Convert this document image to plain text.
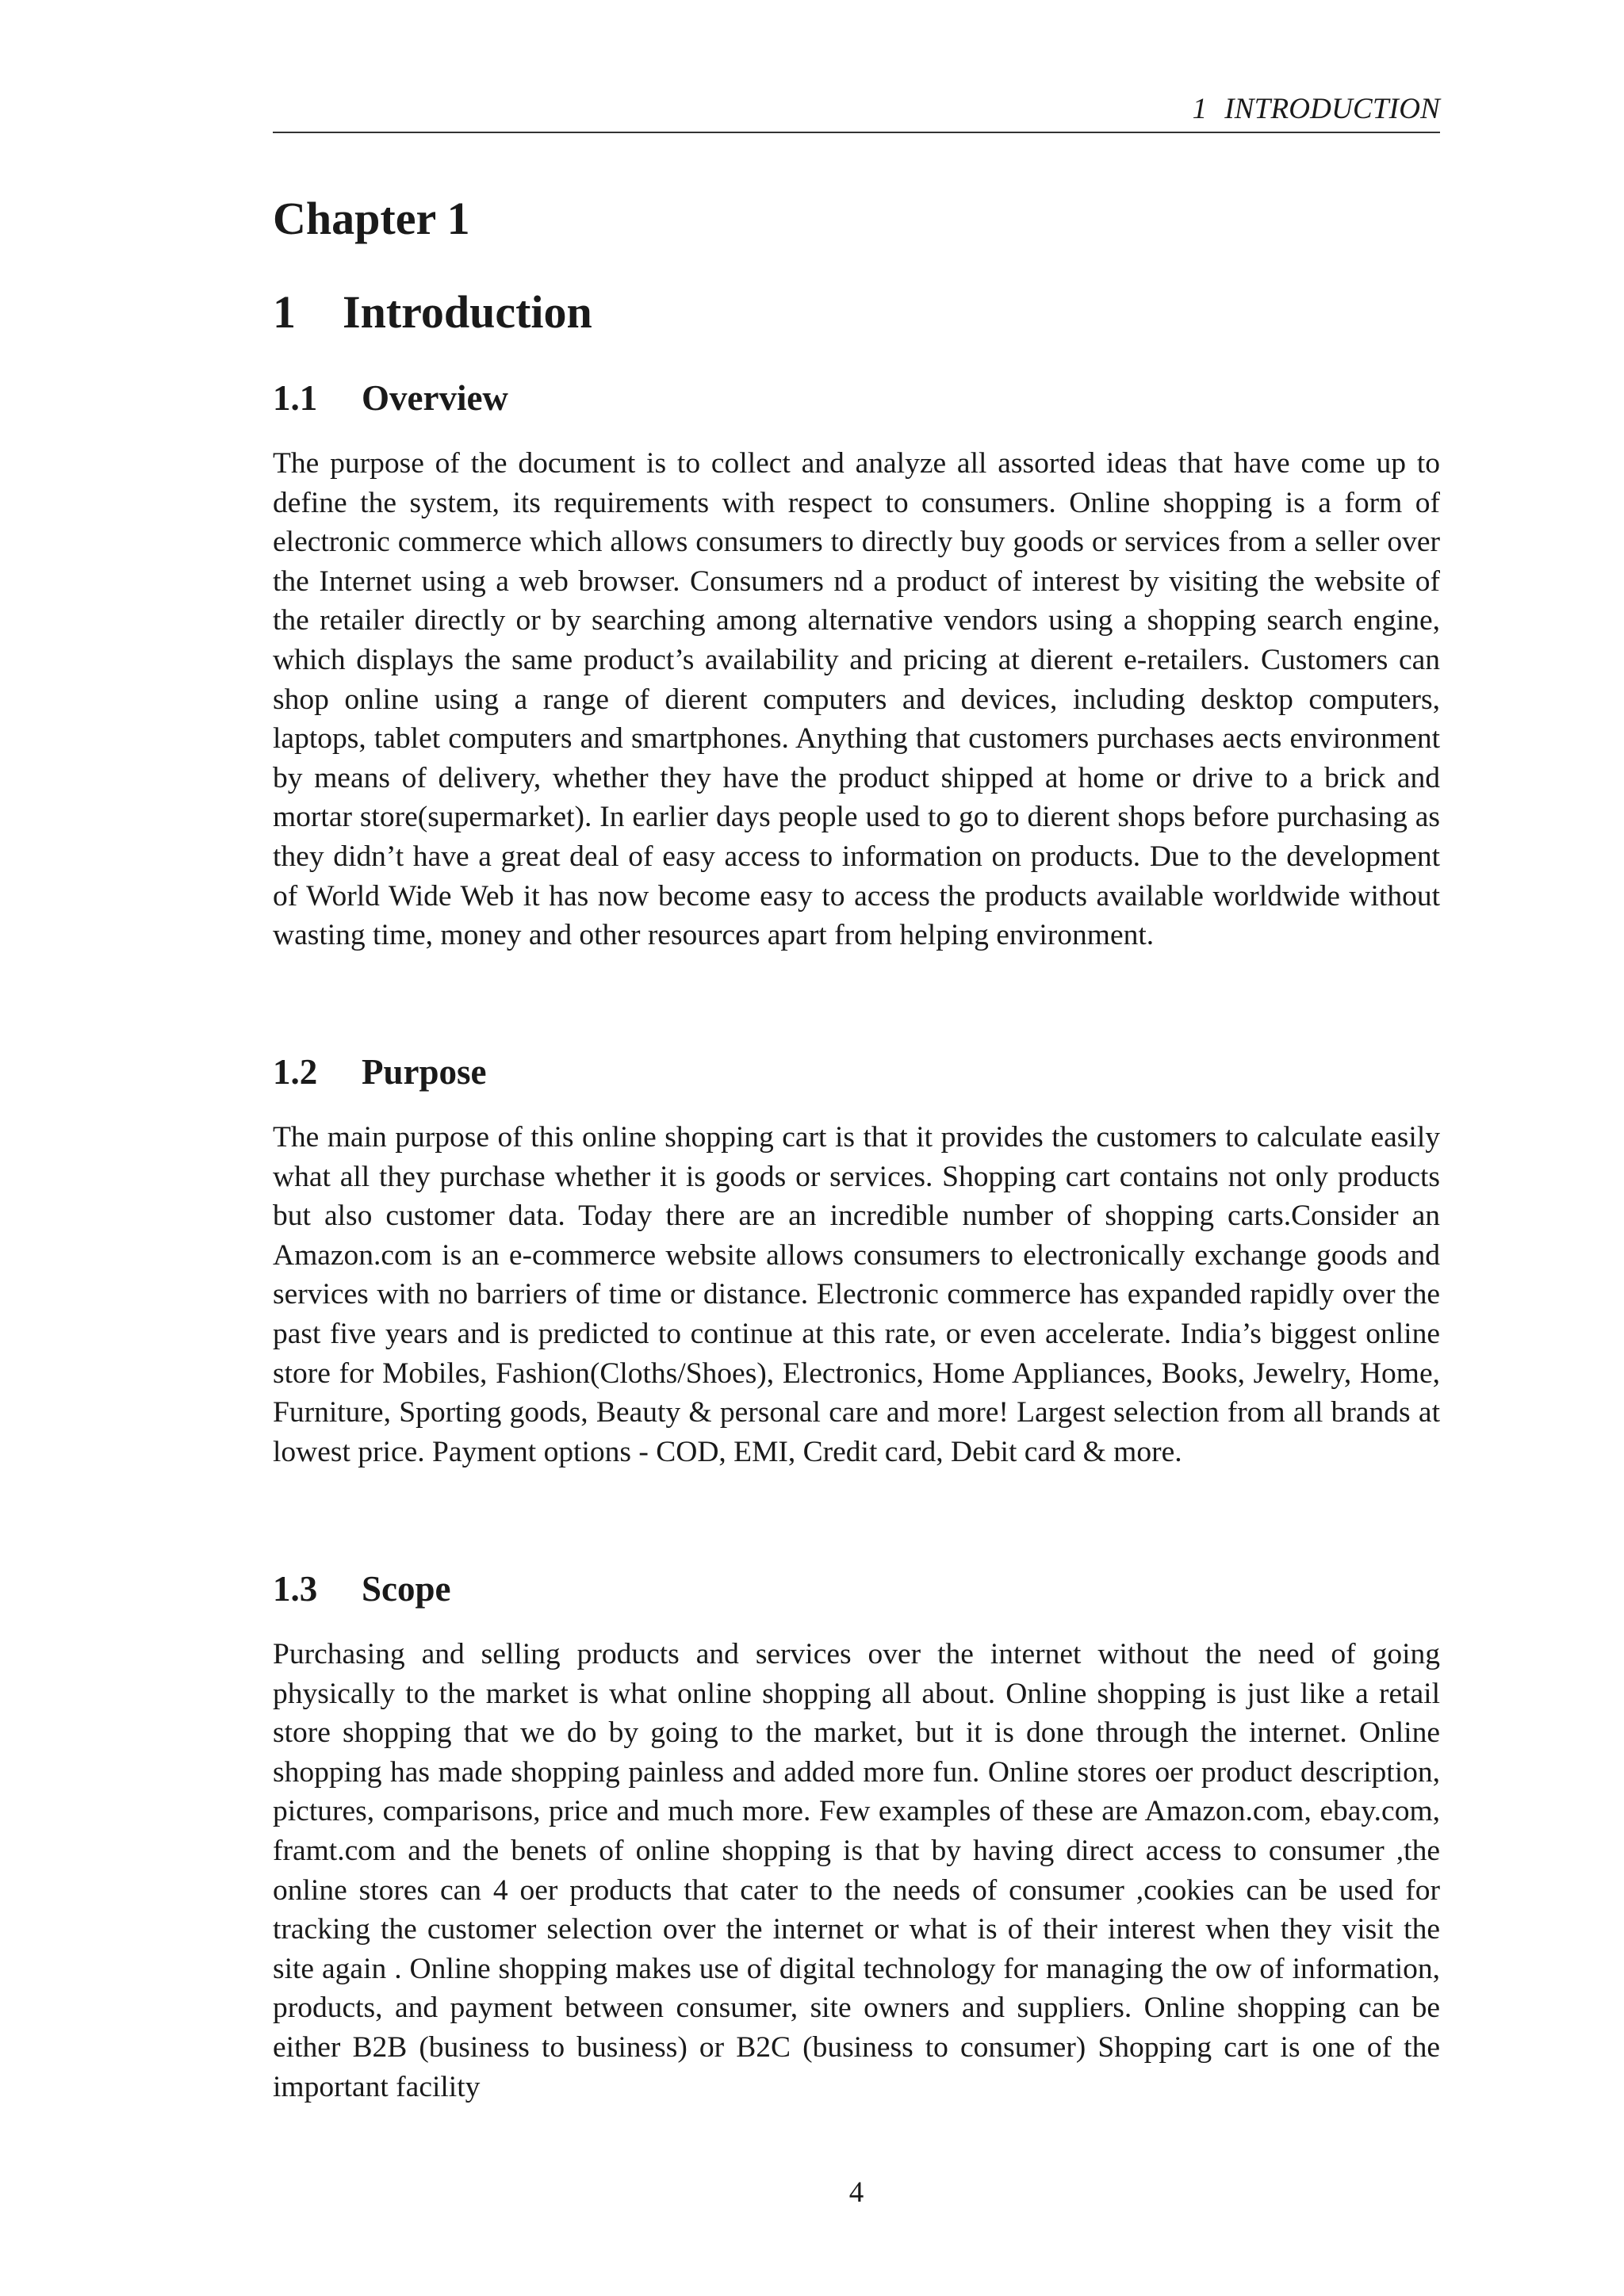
1 INTRODUCTION
Chapter 1
1 Introduction
1.1 Overview

The purpose of the document is to collect and analyze all assorted ideas that have come up to define the system, its requirements with respect to consumers. Online shopping is a form of electronic commerce which allows consumers to directly buy goods or services from a seller over the Internet using a web browser. Consumers nd a product of interest by visiting the website of the retailer directly or by searching among alternative vendors using a shopping search engine, which displays the same product’s availability and pricing at dierent e-retailers. Customers can shop online using a range of dierent computers and devices, including desktop computers, laptops, tablet computers and smartphones. Anything that customers purchases aects environment by means of delivery, whether they have the product shipped at home or drive to a brick and mortar store(supermarket). In earlier days people used to go to dierent shops before purchasing as they didn’t have a great deal of easy access to information on products. Due to the development of World Wide Web it has now become easy to access the products available worldwide without wasting time, money and other resources apart from helping environment.

1.2 Purpose

The main purpose of this online shopping cart is that it provides the customers to calculate easily what all they purchase whether it is goods or services. Shopping cart contains not only products but also customer data. Today there are an incredible number of shopping carts.Consider an Amazon.com is an e-commerce website allows consumers to electronically exchange goods and services with no barriers of time or distance. Electronic commerce has expanded rapidly over the past five years and is predicted to continue at this rate, or even accelerate. India’s biggest online store for Mobiles, Fashion(Cloths/Shoes), Electronics, Home Appliances, Books, Jewelry, Home, Furniture, Sporting goods, Beauty & personal care and more! Largest selection from all brands at lowest price. Payment options - COD, EMI, Credit card, Debit card & more.

1.3 Scope

Purchasing and selling products and services over the internet without the need of going physically to the market is what online shopping all about. Online shopping is just like a retail store shopping that we do by going to the market, but it is done through the internet. Online shopping has made shopping painless and added more fun. Online stores oer product description, pictures, comparisons, price and much more. Few examples of these are Amazon.com, ebay.com, framt.com and the benets of online shopping is that by having direct access to consumer ,the online stores can 4 oer products that cater to the needs of consumer ,cookies can be used for tracking the customer selection over the internet or what is of their interest when they visit the site again . Online shopping makes use of digital technology for managing the ow of information, products, and payment between consumer, site owners and suppliers. Online shopping can be either B2B (business to business) or B2C (business to consumer) Shopping cart is one of the important facility

4
